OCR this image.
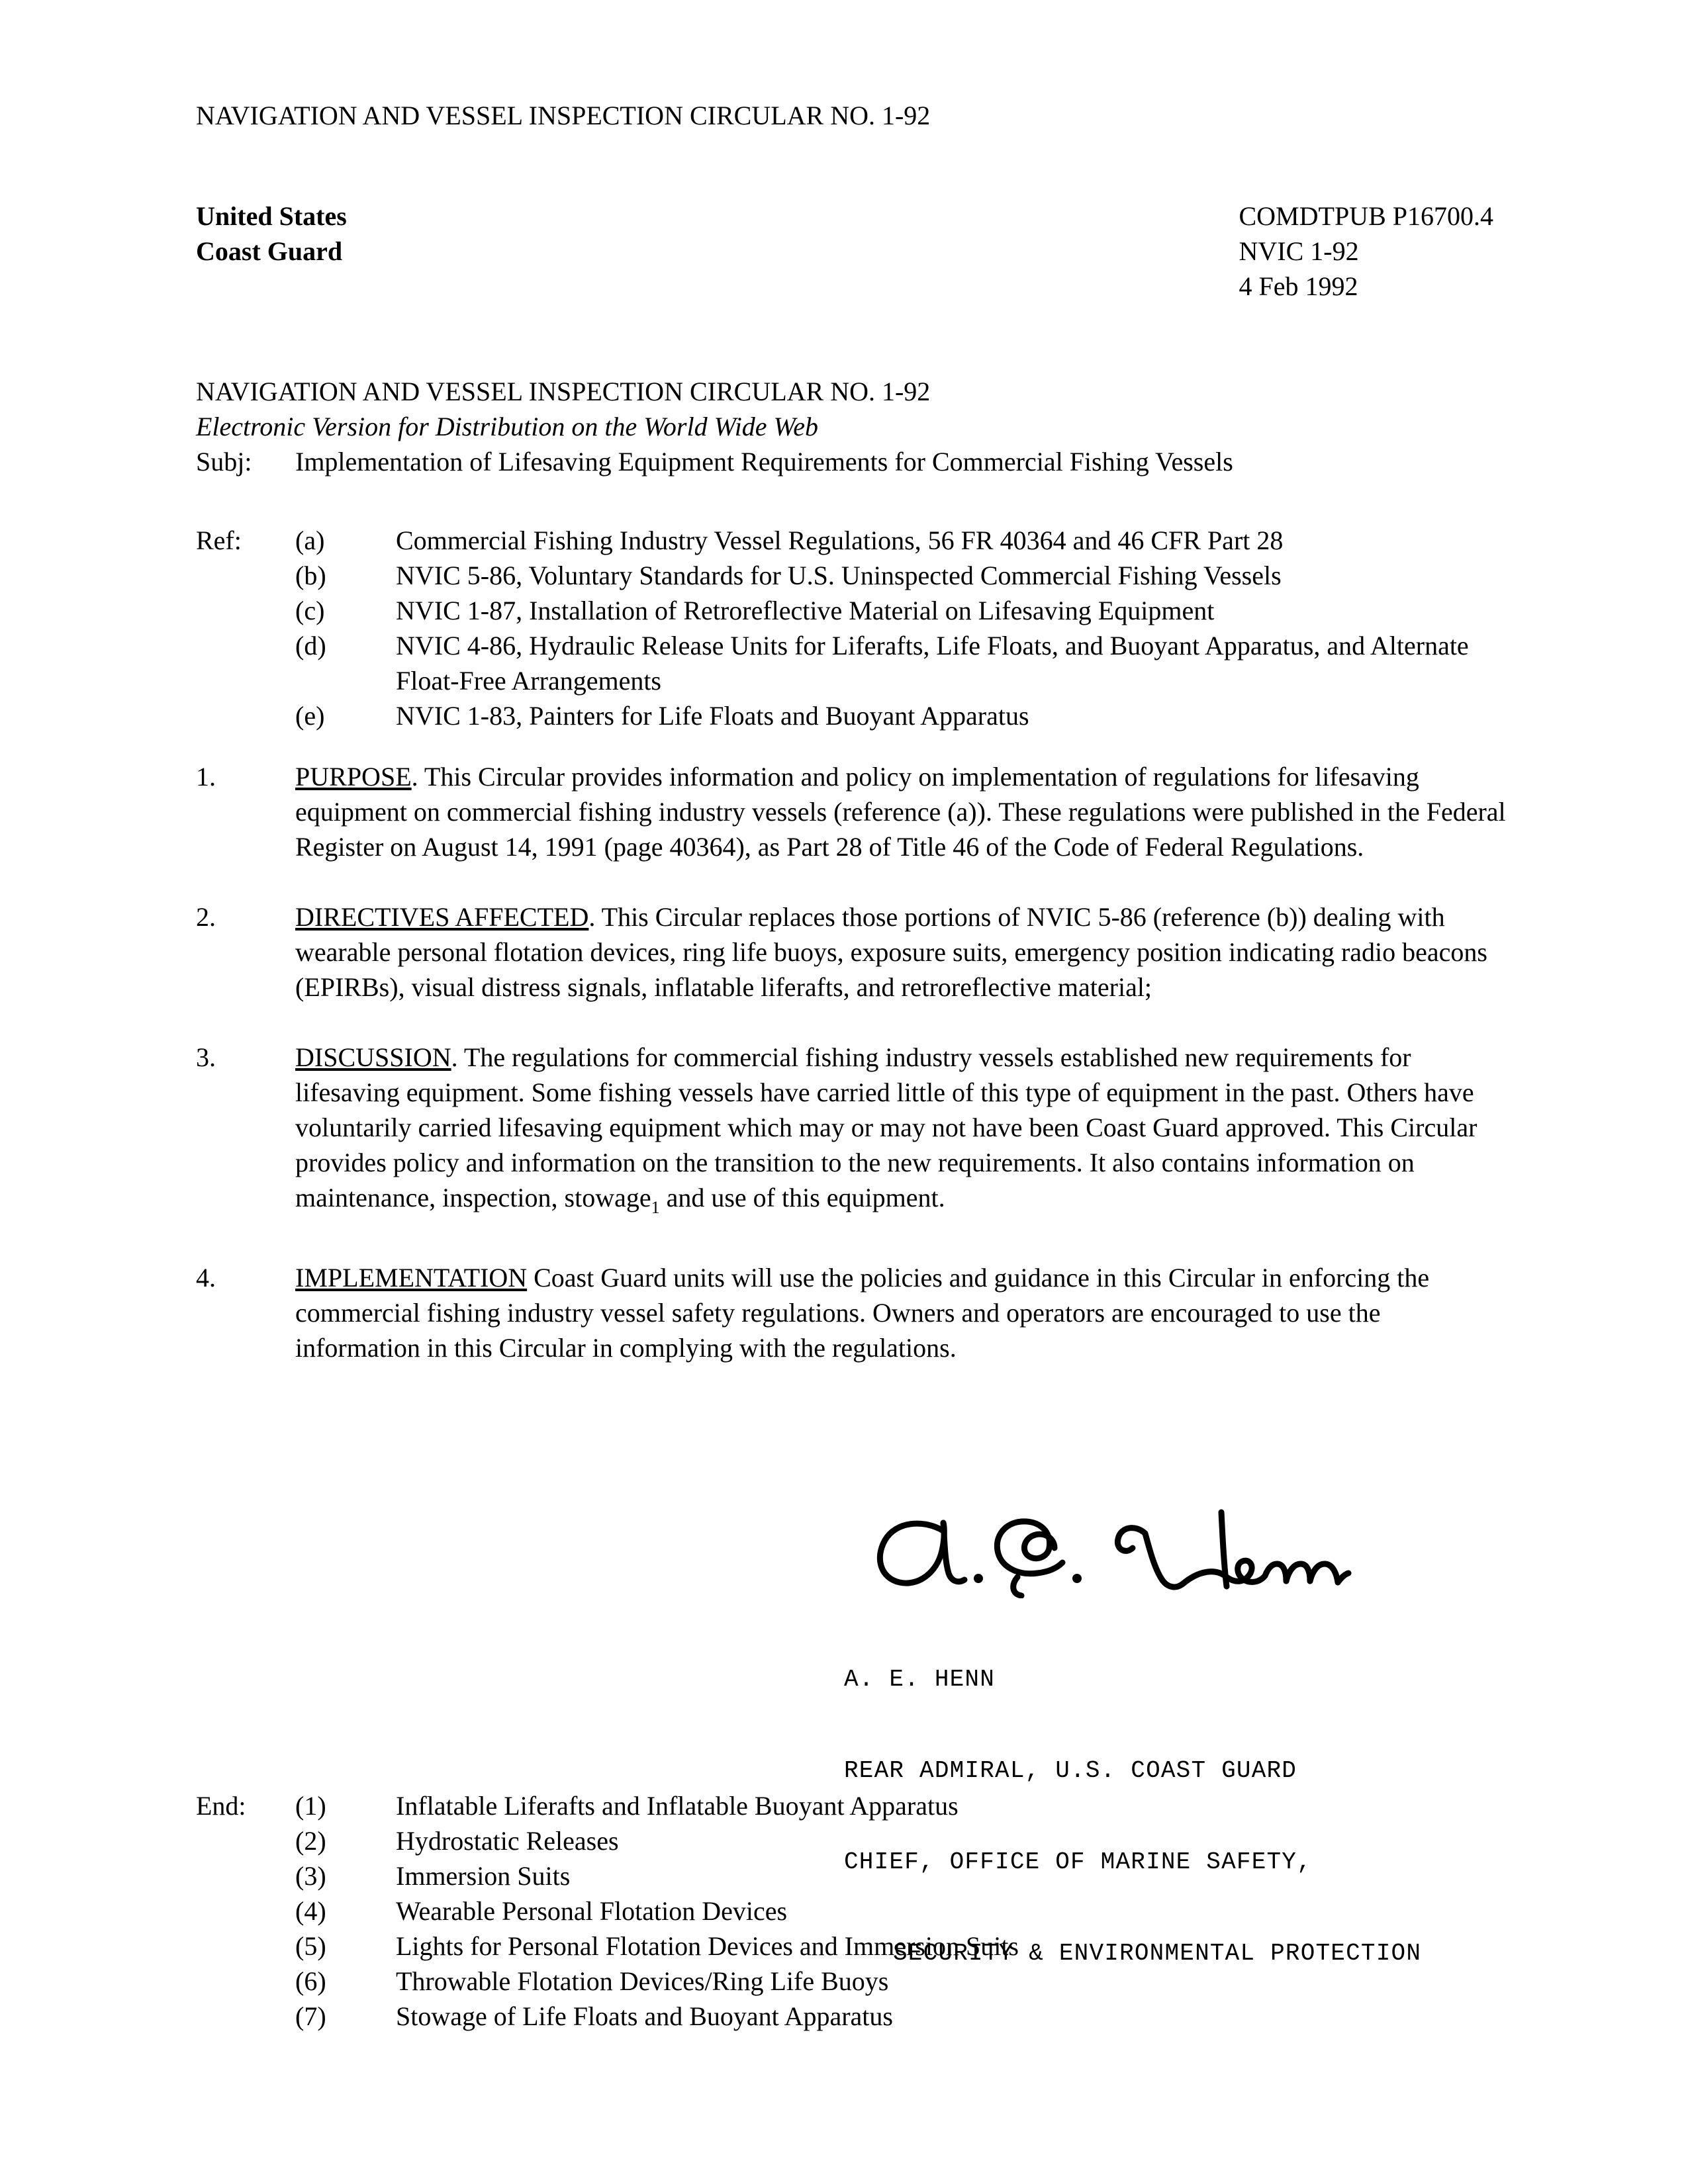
NAVIGATION AND VESSEL INSPECTION CIRCULAR NO. 1-92
United States
Coast Guard
COMDTPUB P16700.4
NVIC 1-92
4 Feb 1992
NAVIGATION AND VESSEL INSPECTION CIRCULAR NO. 1-92
Electronic Version for Distribution on the World Wide Web
Subj:	Implementation of Lifesaving Equipment Requirements for Commercial Fishing Vessels
Ref:	(a)	Commercial Fishing Industry Vessel Regulations, 56 FR 40364 and 46 CFR Part 28
(b)	NVIC 5-86, Voluntary Standards for U.S. Uninspected Commercial Fishing Vessels
(c)	NVIC 1-87, Installation of Retroreflective Material on Lifesaving Equipment
(d)	NVIC 4-86, Hydraulic Release Units for Liferafts, Life Floats, and Buoyant Apparatus, and Alternate Float-Free Arrangements
(e)	NVIC 1-83, Painters for Life Floats and Buoyant Apparatus
1.	PURPOSE. This Circular provides information and policy on implementation of regulations for lifesaving equipment on commercial fishing industry vessels (reference (a)). These regulations were published in the Federal Register on August 14, 1991 (page 40364), as Part 28 of Title 46 of the Code of Federal Regulations.
2.	DIRECTIVES AFFECTED. This Circular replaces those portions of NVIC 5-86 (reference (b)) dealing with wearable personal flotation devices, ring life buoys, exposure suits, emergency position indicating radio beacons (EPIRBs), visual distress signals, inflatable liferafts, and retroreflective material;
3.	DISCUSSION. The regulations for commercial fishing industry vessels established new requirements for lifesaving equipment. Some fishing vessels have carried little of this type of equipment in the past. Others have voluntarily carried lifesaving equipment which may or may not have been Coast Guard approved. This Circular provides policy and information on the transition to the new requirements. It also contains information on maintenance, inspection, stowage$_1$ and use of this equipment.
4.	IMPLEMENTATION Coast Guard units will use the policies and guidance in this Circular in enforcing the commercial fishing industry vessel safety regulations. Owners and operators are encouraged to use the information in this Circular in complying with the regulations.

A. E. HENN

REAR ADMIRAL, U.S. COAST GUARD

CHIEF, OFFICE OF MARINE SAFETY,

SECURITY & ENVIRONMENTAL PROTECTION

End:	(1)	Inflatable Liferafts and Inflatable Buoyant Apparatus
(2)	Hydrostatic Releases
(3)	Immersion Suits
(4)	Wearable Personal Flotation Devices
(5)	Lights for Personal Flotation Devices and Immersion Suits
(6)	Throwable Flotation Devices/Ring Life Buoys
(7)	Stowage of Life Floats and Buoyant Apparatus
